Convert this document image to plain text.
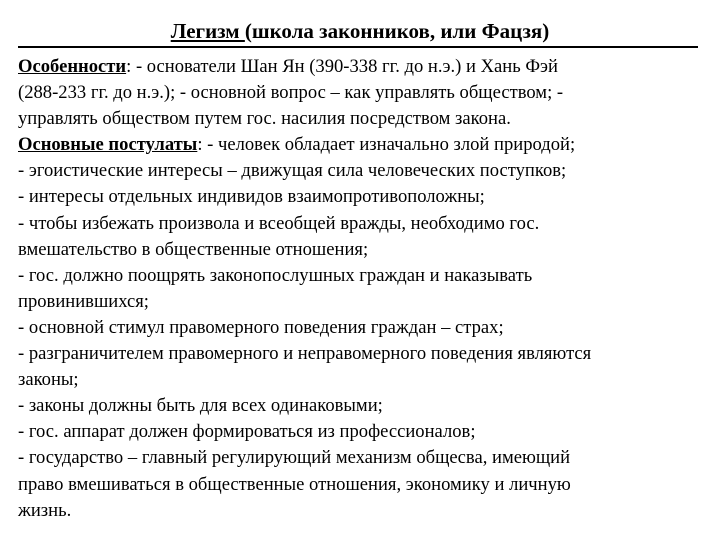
Легизм (школа законников, или Фацзя)
Особенности: - основатели Шан Ян (390-338 гг. до н.э.) и Хань Фэй
(288-233 гг. до н.э.); - основной вопрос – как управлять обществом; -
управлять обществом путем гос. насилия посредством закона.
Основные постулаты: - человек обладает изначально злой природой;
- эгоистические интересы – движущая сила человеческих поступков;
- интересы отдельных индивидов взаимопротивоположны;
- чтобы избежать произвола и всеобщей вражды, необходимо гос.
вмешательство в общественные отношения;
- гос. должно поощрять законопослушных граждан и наказывать
провинившихся;
- основной стимул правомерного поведения граждан – страх;
- разграничителем правомерного и неправомерного поведения являются
законы;
- законы должны быть для всех одинаковыми;
- гос. аппарат должен формироваться из профессионалов;
- государство – главный регулирующий механизм общеcва, имеющий
право вмешиваться в общественные отношения, экономику и личную
жизнь.
